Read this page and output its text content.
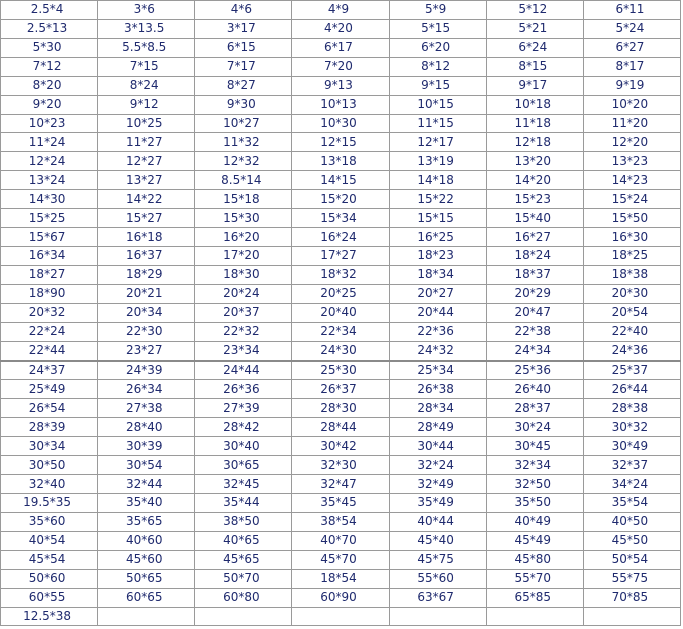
2.5*4	3*6	4*6	4*9	5*9	5*12	6*11
2.5*13	3*13.5	3*17	4*20	5*15	5*21	5*24
5*30	5.5*8.5	6*15	6*17	6*20	6*24	6*27
7*12	7*15	7*17	7*20	8*12	8*15	8*17
8*20	8*24	8*27	9*13	9*15	9*17	9*19
9*20	9*12	9*30	10*13	10*15	10*18	10*20
10*23	10*25	10*27	10*30	11*15	11*18	11*20
11*24	11*27	11*32	12*15	12*17	12*18	12*20
12*24	12*27	12*32	13*18	13*19	13*20	13*23
13*24	13*27	8.5*14	14*15	14*18	14*20	14*23
14*30	14*22	15*18	15*20	15*22	15*23	15*24
15*25	15*27	15*30	15*34	15*15	15*40	15*50
15*67	16*18	16*20	16*24	16*25	16*27	16*30
16*34	16*37	17*20	17*27	18*23	18*24	18*25
18*27	18*29	18*30	18*32	18*34	18*37	18*38
18*90	20*21	20*24	20*25	20*27	20*29	20*30
20*32	20*34	20*37	20*40	20*44	20*47	20*54
22*24	22*30	22*32	22*34	22*36	22*38	22*40
22*44	23*27	23*34	24*30	24*32	24*34	24*36
24*37	24*39	24*44	25*30	25*34	25*36	25*37
25*49	26*34	26*36	26*37	26*38	26*40	26*44
26*54	27*38	27*39	28*30	28*34	28*37	28*38
28*39	28*40	28*42	28*44	28*49	30*24	30*32
30*34	30*39	30*40	30*42	30*44	30*45	30*49
30*50	30*54	30*65	32*30	32*24	32*34	32*37
32*40	32*44	32*45	32*47	32*49	32*50	34*24
19.5*35	35*40	35*44	35*45	35*49	35*50	35*54
35*60	35*65	38*50	38*54	40*44	40*49	40*50
40*54	40*60	40*65	40*70	45*40	45*49	45*50
45*54	45*60	45*65	45*70	45*75	45*80	50*54
50*60	50*65	50*70	18*54	55*60	55*70	55*75
60*55	60*65	60*80	60*90	63*67	65*85	70*85
12.5*38						
